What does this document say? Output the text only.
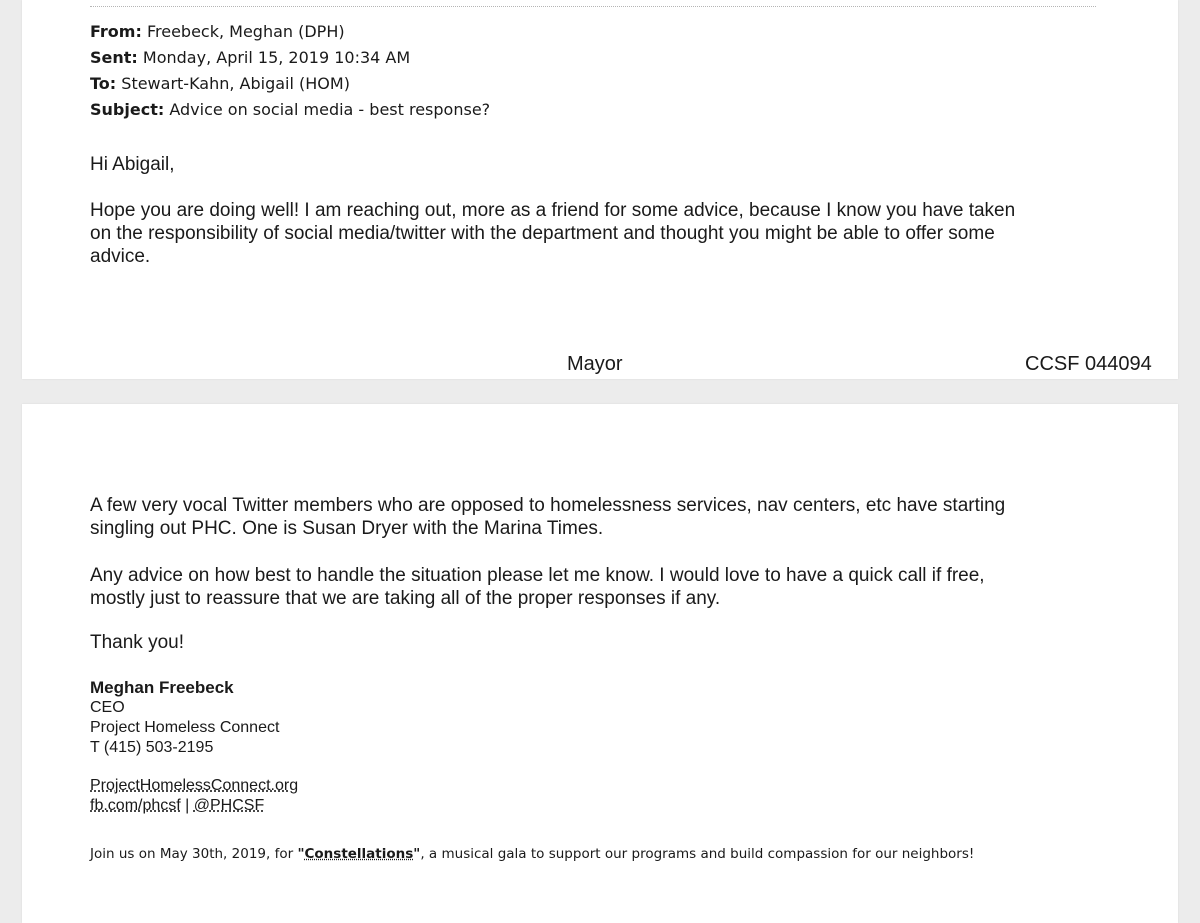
From: Freebeck, Meghan (DPH)
Sent: Monday, April 15, 2019 10:34 AM
To: Stewart-Kahn, Abigail (HOM)
Subject: Advice on social media - best response?
Hi Abigail,
Hope you are doing well! I am reaching out, more as a friend for some advice, because I know you have taken
on the responsibility of social media/twitter with the department and thought you might be able to offer some
advice.
Mayor	CCSF 044094
A few very vocal Twitter members who are opposed to homelessness services, nav centers, etc have starting
singling out PHC. One is Susan Dryer with the Marina Times.
Any advice on how best to handle the situation please let me know. I would love to have a quick call if free,
mostly just to reassure that we are taking all of the proper responses if any.
Thank you!
Meghan Freebeck
CEO
Project Homeless Connect
T (415) 503-2195
ProjectHomelessConnect.org
fb.com/phcsf | @PHCSF
Join us on May 30th, 2019, for "Constellations", a musical gala to support our programs and build compassion for our neighbors!
